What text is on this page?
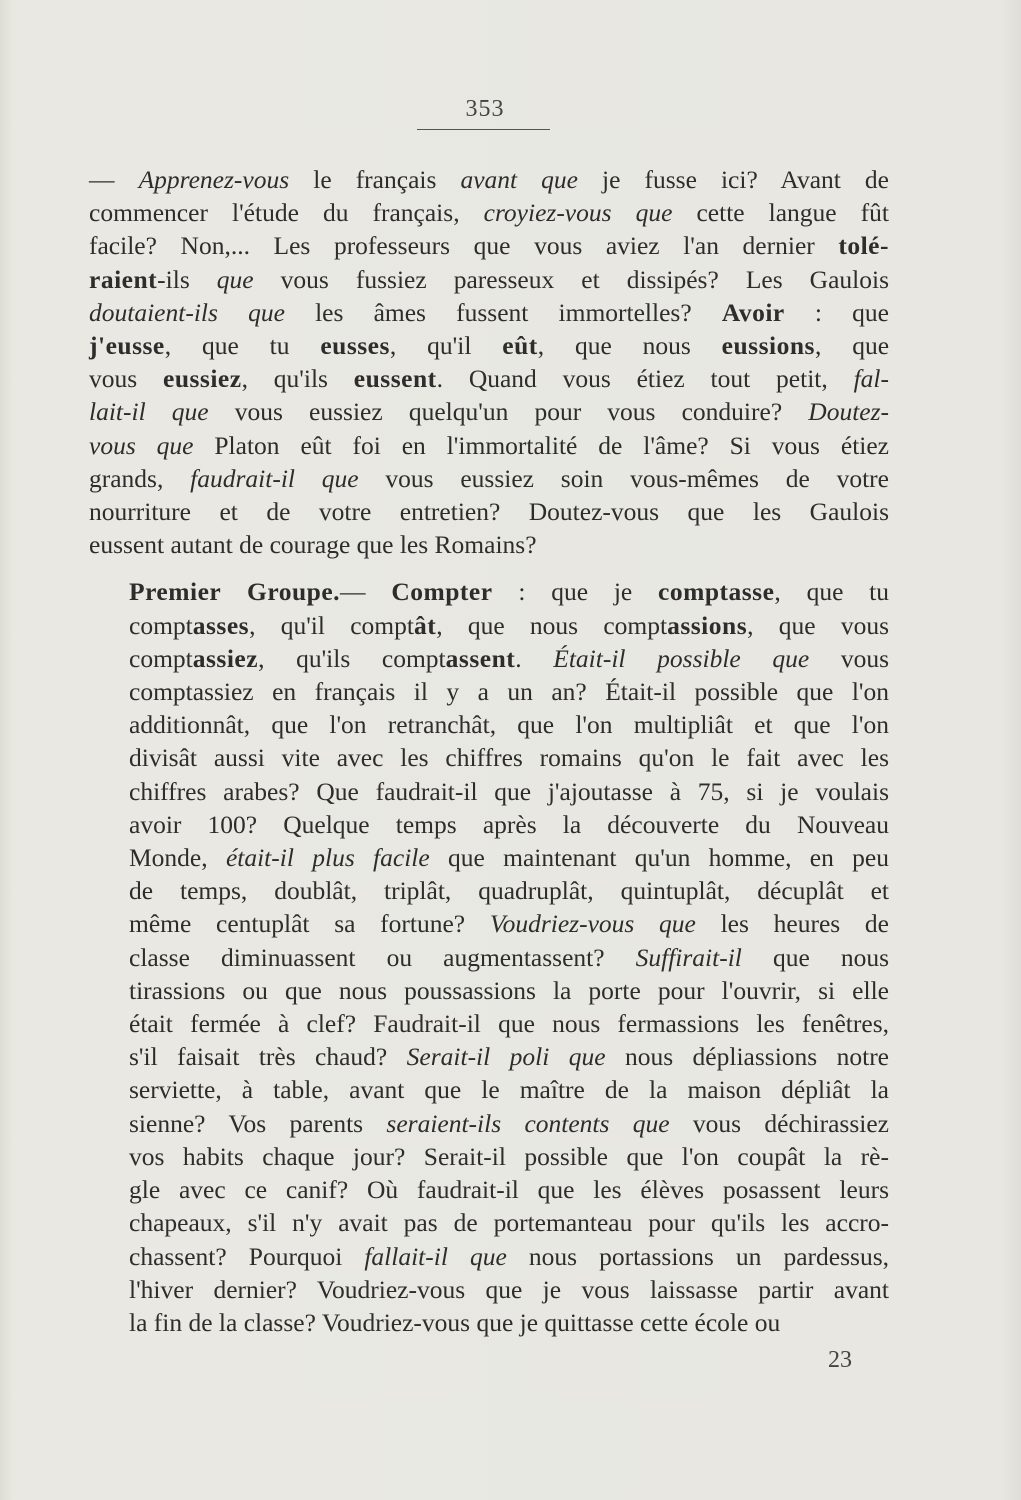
353

— Apprenez-vous le français avant que je fusse ici? Avant de
commencer l'étude du français, croyiez-vous que cette langue fût
facile? Non,... Les professeurs que vous aviez l'an dernier tolé-
raient-ils que vous fussiez paresseux et dissipés? Les Gaulois
doutaient-ils que les âmes fussent immortelles? Avoir : que
j'eusse, que tu eusses, qu'il eût, que nous eussions, que
vous eussiez, qu'ils eussent. Quand vous étiez tout petit, fal-
lait-il que vous eussiez quelqu'un pour vous conduire? Doutez-
vous que Platon eût foi en l'immortalité de l'âme? Si vous étiez
grands, faudrait-il que vous eussiez soin vous-mêmes de votre
nourriture et de votre entretien? Doutez-vous que les Gaulois
eussent autant de courage que les Romains?

Premier Groupe.— Compter : que je comptasse, que tu
comptasses, qu'il comptât, que nous comptassions, que vous
comptassiez, qu'ils comptassent. Était-il possible que vous
comptassiez en français il y a un an? Était-il possible que l'on
additionnât, que l'on retranchât, que l'on multipliât et que l'on
divisât aussi vite avec les chiffres romains qu'on le fait avec les
chiffres arabes? Que faudrait-il que j'ajoutasse à 75, si je voulais
avoir 100? Quelque temps après la découverte du Nouveau
Monde, était-il plus facile que maintenant qu'un homme, en peu
de temps, doublât, triplât, quadruplât, quintuplât, décuplât et
même centuplât sa fortune? Voudriez-vous que les heures de
classe diminuassent ou augmentassent? Suffirait-il que nous
tirassions ou que nous poussassions la porte pour l'ouvrir, si elle
était fermée à clef? Faudrait-il que nous fermassions les fenêtres,
s'il faisait très chaud? Serait-il poli que nous dépliassions notre
serviette, à table, avant que le maître de la maison dépliât la
sienne? Vos parents seraient-ils contents que vous déchirassiez
vos habits chaque jour? Serait-il possible que l'on coupât la rè-
gle avec ce canif? Où faudrait-il que les élèves posassent leurs
chapeaux, s'il n'y avait pas de portemanteau pour qu'ils les accro-
chassent? Pourquoi fallait-il que nous portassions un pardessus,
l'hiver dernier? Voudriez-vous que je vous laissasse partir avant
la fin de la classe? Voudriez-vous que je quittasse cette école ou

23
